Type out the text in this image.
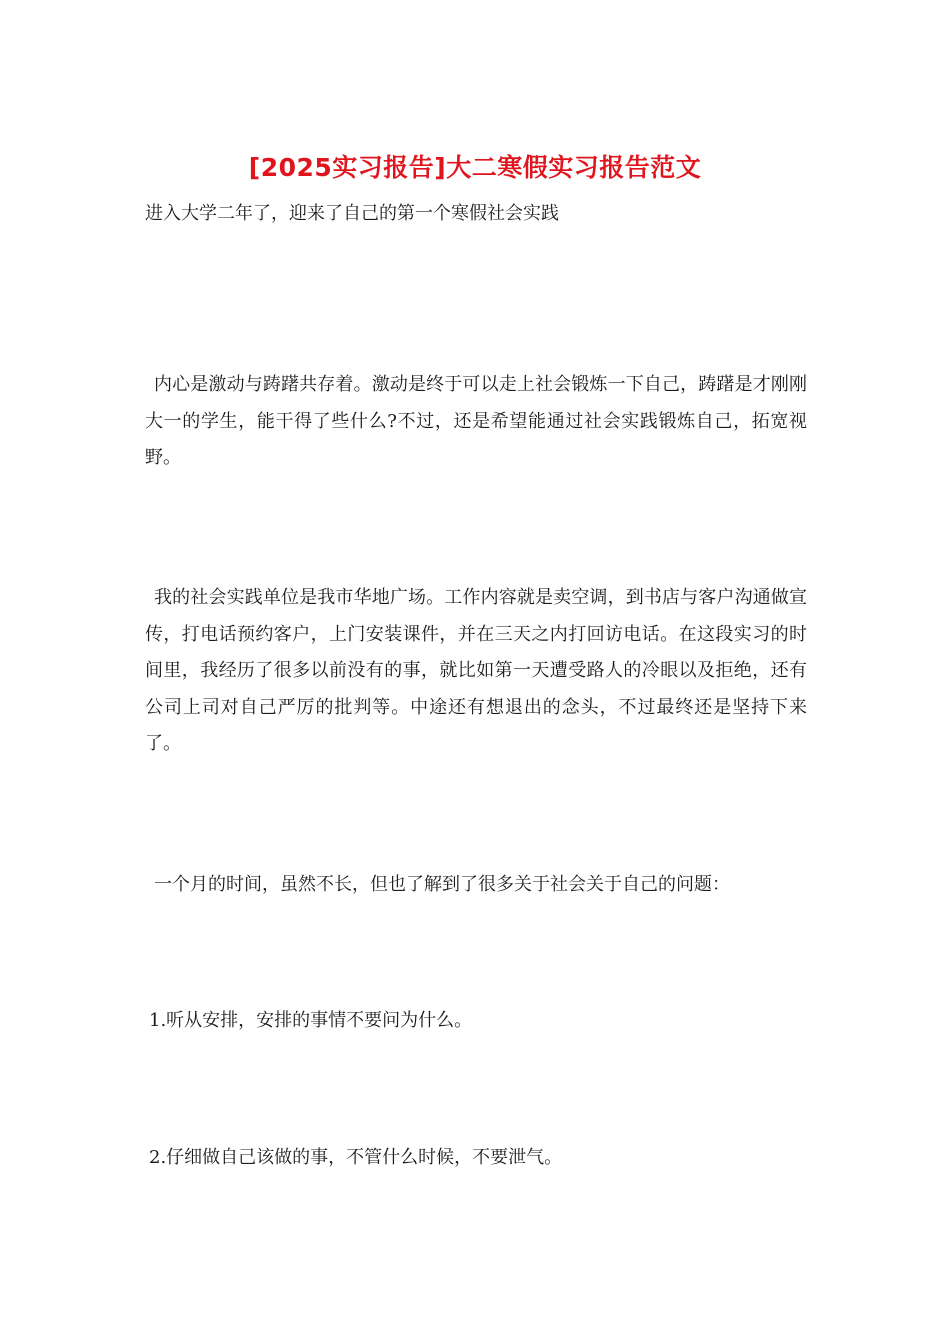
[2025实习报告]大二寒假实习报告范文

进入大学二年了，迎来了自己的第一个寒假社会实践

内心是激动与踌躇共存着。激动是终于可以走上社会锻炼一下自己，踌躇是才刚刚大一的学生，能干得了些什么?不过，还是希望能通过社会实践锻炼自己，拓宽视野。

我的社会实践单位是我市华地广场。工作内容就是卖空调，到书店与客户沟通做宣传，打电话预约客户，上门安装课件，并在三天之内打回访电话。在这段实习的时间里，我经历了很多以前没有的事，就比如第一天遭受路人的冷眼以及拒绝，还有公司上司对自己严厉的批判等。中途还有想退出的念头，不过最终还是坚持下来了。

一个月的时间，虽然不长，但也了解到了很多关于社会关于自己的问题：

1.听从安排，安排的事情不要问为什么。

2.仔细做自己该做的事，不管什么时候，不要泄气。
